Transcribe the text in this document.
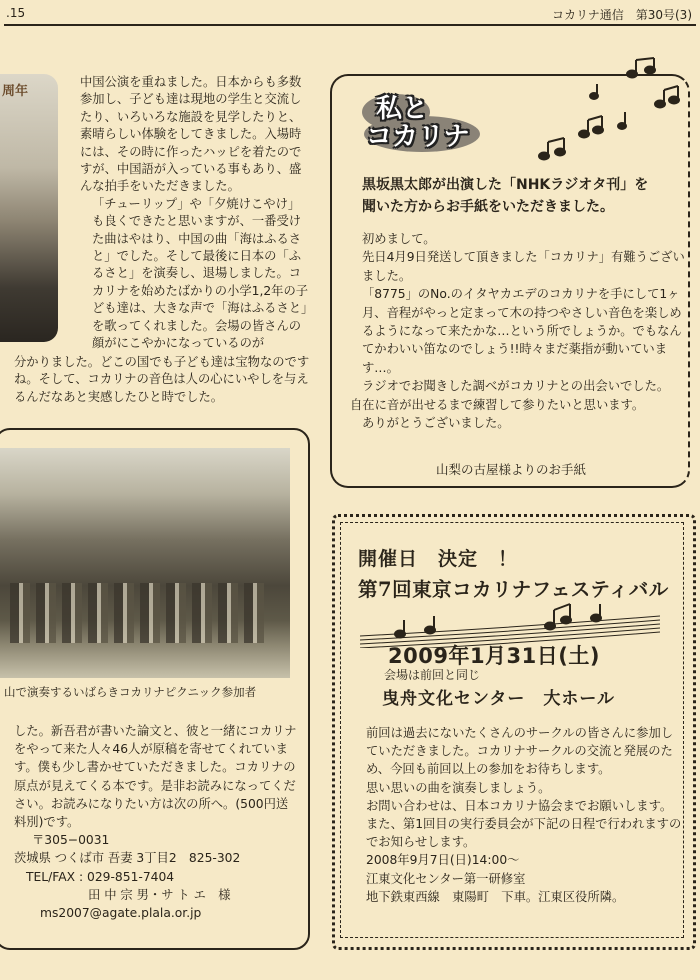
.15	コカリナ通信　第30号(3)
周年

中国公演を重ねました。日本からも多数参加し、子ども達は現地の学生と交流したり、いろいろな施設を見学したりと、素晴らしい体験をしてきました。入場時には、その時に作ったハッピを着たのですが、中国語が入っている事もあり、盛んな拍手をいただきました。

「チューリップ」や「夕焼けこやけ」も良くできたと思いますが、一番受けた曲はやはり、中国の曲「海はふるさと」でした。そして最後に日本の「ふるさと」を演奏し、退場しました。コカリナを始めたばかりの小学1,2年の子ども達は、大きな声で「海はふるさと」を歌ってくれました。会場の皆さんの顔がにこやかになっているのが

分かりました。どこの国でも子ども達は宝物なのですね。そして、コカリナの音色は人の心にいやしを与えるんだなあと実感したひと時でした。

山で演奏するいばらきコカリナピクニック参加者

した。新吾君が書いた論文と、彼と一緒にコカリナをやって来た人々46人が原稿を寄せてくれています。僕も少し書かせていただきました。コカリナの原点が見えてくる本です。是非お読みになってください。お読みになりたい方は次の所へ。(500円送料別)です。

〒305−0031

茨城県 つくば市 吾妻 3丁目2　825-302

TEL/FAX : 029-851-7404

田 中 宗 男・サ ト エ　様

ms2007@agate.plala.or.jp

私と
コカリナ

黒坂黒太郎が出演した「NHKラジオタ刊」を

聞いた方からお手紙をいただきました。

初めまして。

先日4月9日発送して頂きました「コカリナ」有難うございました。

「8775」のNo.のイタヤカエデのコカリナを手にして1ヶ月、音程がやっと定まって木の持つやさしい音色を楽しめるようになって来たかな…という所でしょうか。でもなんてかわいい笛なのでしょう!!時々まだ薬指が動いています…。

ラジオでお聞きした調べがコカリナとの出会いでした。

自在に音が出せるまで練習して参りたいと思います。

ありがとうございました。

山梨の古屋様よりのお手紙
開催日　決定　！
第7回東京コカリナフェスティバル
2009年1月31日(土)
会場は前回と同じ
曳舟文化センター　大ホール

前回は過去にないたくさんのサークルの皆さんに参加していただきました。コカリナサークルの交流と発展のため、今回も前回以上の参加をお待ちします。

思い思いの曲を演奏しましょう。

お問い合わせは、日本コカリナ協会までお願いします。

また、第1回目の実行委員会が下記の日程で行われますのでお知らせします。

2008年9月7日(日)14:00〜

江東文化センター第一研修室

地下鉄東西線　東陽町　下車。江東区役所隣。
